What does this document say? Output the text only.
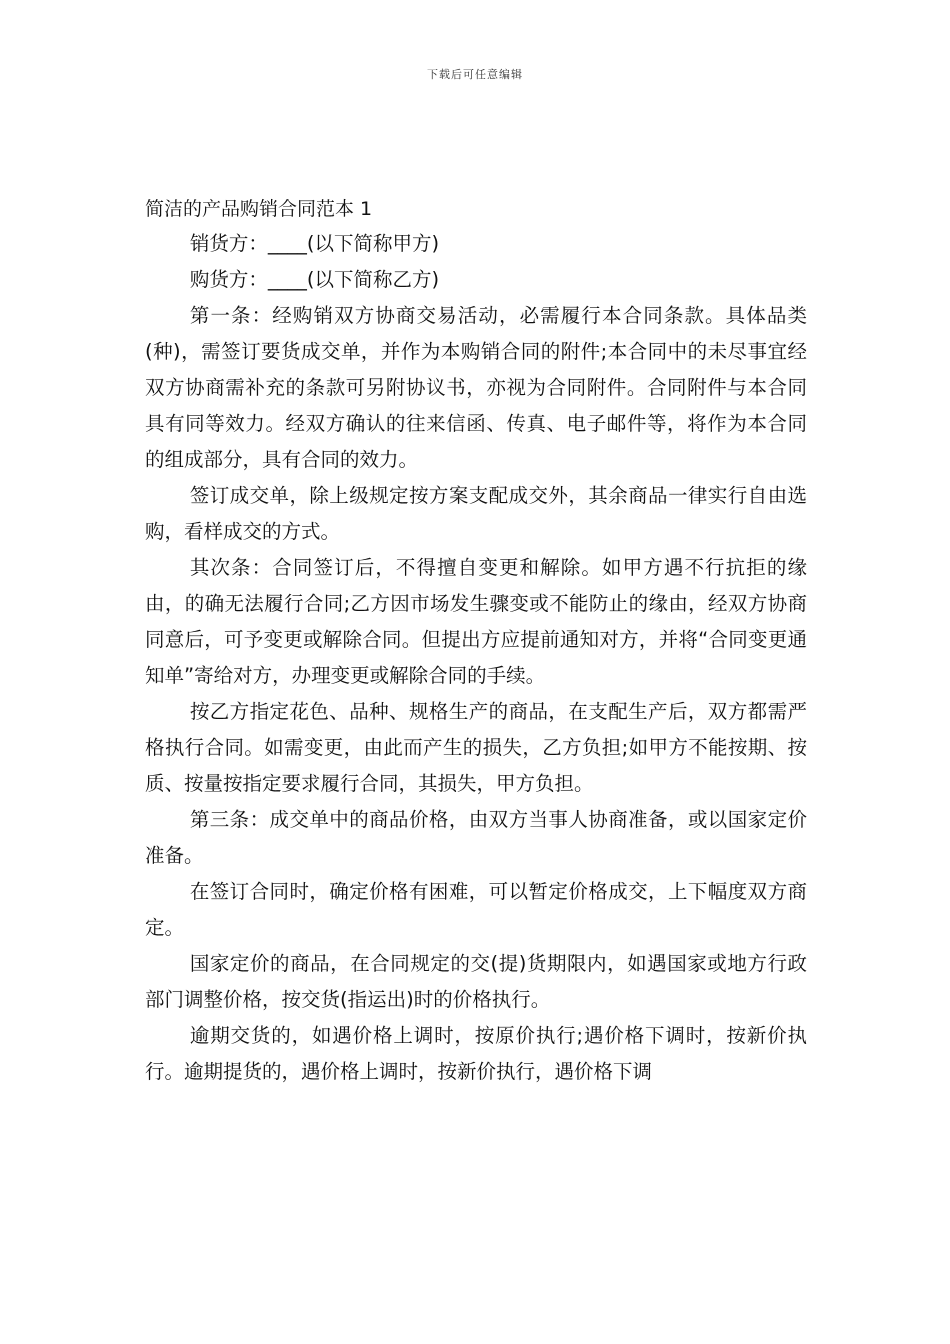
下载后可任意编辑
简洁的产品购销合同范本 1

销货方：____(以下简称甲方)

购货方：____(以下简称乙方)

第一条：经购销双方协商交易活动，必需履行本合同条款。具体品类(种)，需签订要货成交单，并作为本购销合同的附件;本合同中的未尽事宜经双方协商需补充的条款可另附协议书，亦视为合同附件。合同附件与本合同具有同等效力。经双方确认的往来信函、传真、电子邮件等，将作为本合同的组成部分，具有合同的效力。

签订成交单，除上级规定按方案支配成交外，其余商品一律实行自由选购，看样成交的方式。

其次条：合同签订后，不得擅自变更和解除。如甲方遇不行抗拒的缘由，的确无法履行合同;乙方因市场发生骤变或不能防止的缘由，经双方协商同意后，可予变更或解除合同。但提出方应提前通知对方，并将“合同变更通知单”寄给对方，办理变更或解除合同的手续。

按乙方指定花色、品种、规格生产的商品，在支配生产后，双方都需严格执行合同。如需变更，由此而产生的损失，乙方负担;如甲方不能按期、按质、按量按指定要求履行合同，其损失，甲方负担。

第三条：成交单中的商品价格，由双方当事人协商准备，或以国家定价准备。

在签订合同时，确定价格有困难，可以暂定价格成交，上下幅度双方商定。

国家定价的商品，在合同规定的交(提)货期限内，如遇国家或地方行政部门调整价格，按交货(指运出)时的价格执行。

逾期交货的，如遇价格上调时，按原价执行;遇价格下调时，按新价执行。逾期提货的，遇价格上调时，按新价执行，遇价格下调
